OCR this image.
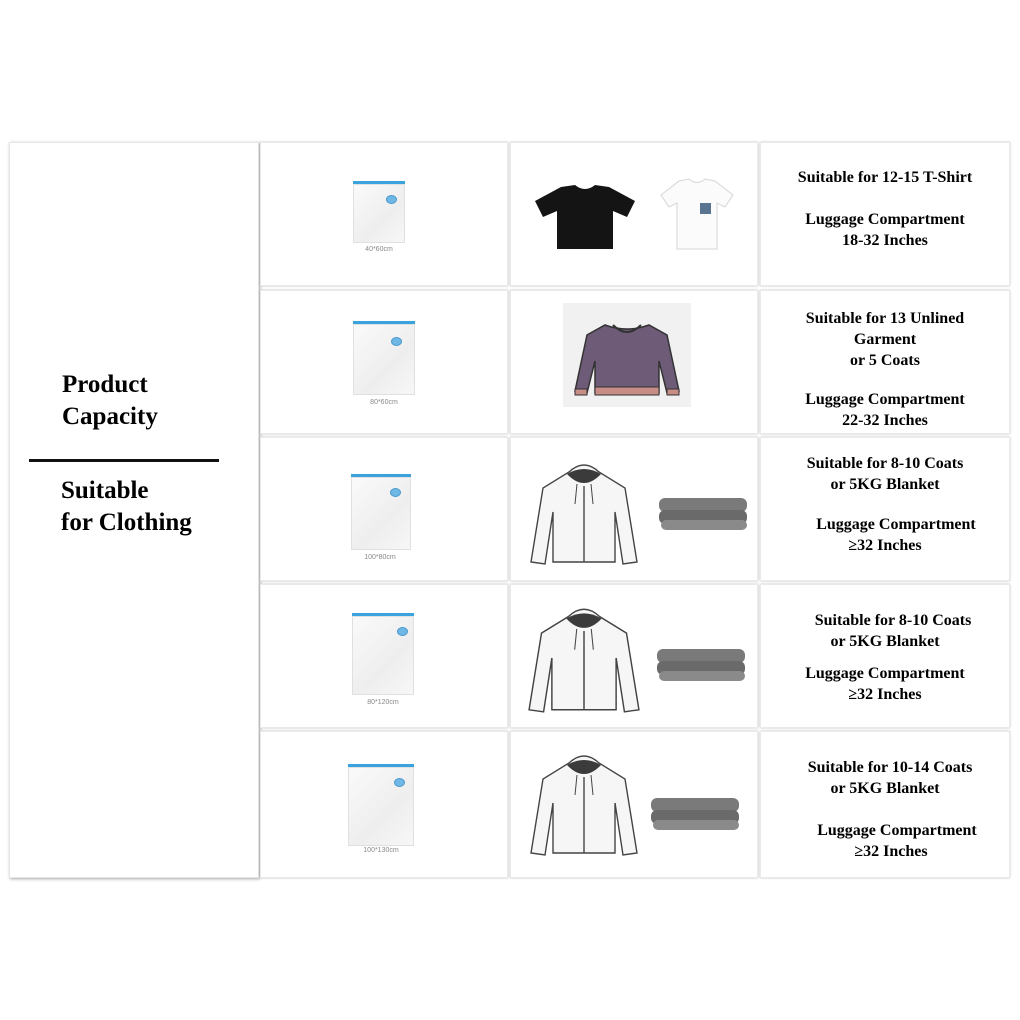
Product
Capacity
Suitable
for Clothing
40*60cm
Suitable for 12-15 T-Shirt
Luggage Compartment
18-32 Inches
80*60cm
Suitable for 13 Unlined
Garment
or 5 Coats
Luggage Compartment
22-32 Inches
100*80cm
Suitable for 8-10 Coats
or 5KG Blanket
Luggage Compartment
≥32 Inches
80*120cm
Suitable for 8-10 Coats
or 5KG Blanket
Luggage Compartment
≥32 Inches
100*130cm
Suitable for 10-14 Coats
or 5KG Blanket
Luggage Compartment
≥32 Inches
